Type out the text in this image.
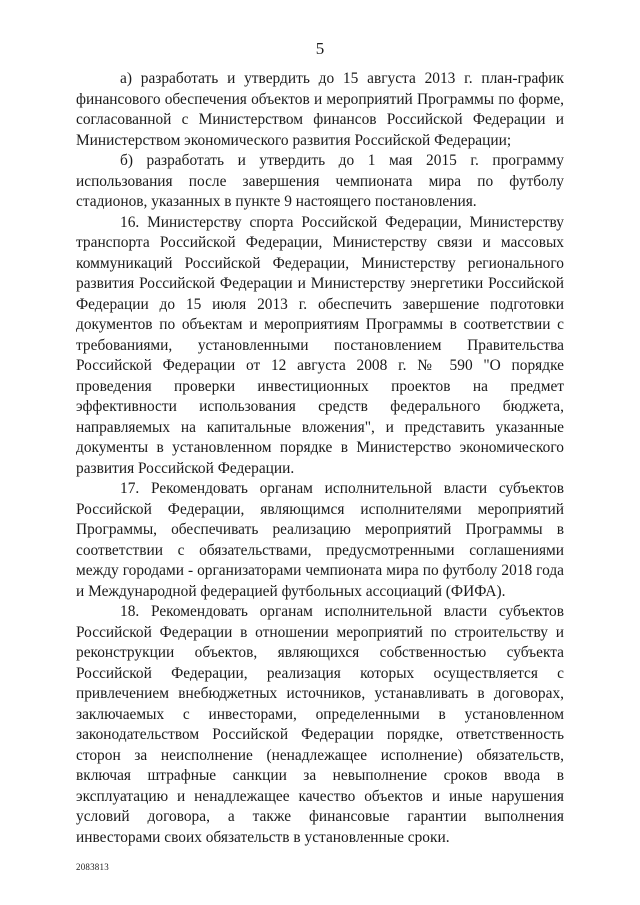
5

а) разработать и утвердить до 15 августа 2013 г. план-график финансового обеспечения объектов и мероприятий Программы по форме, согласованной с Министерством финансов Российской Федерации и Министерством экономического развития Российской Федерации;

б) разработать и утвердить до 1 мая 2015 г. программу использования после завершения чемпионата мира по футболу стадионов, указанных в пункте 9 настоящего постановления.

16. Министерству спорта Российской Федерации, Министерству транспорта Российской Федерации, Министерству связи и массовых коммуникаций Российской Федерации, Министерству регионального развития Российской Федерации и Министерству энергетики Российской Федерации до 15 июля 2013 г. обеспечить завершение подготовки документов по объектам и мероприятиям Программы в соответствии с требованиями, установленными постановлением Правительства Российской Федерации от 12 августа 2008 г. № 590 "О порядке проведения проверки инвестиционных проектов на предмет эффективности использования средств федерального бюджета, направляемых на капитальные вложения", и представить указанные документы в установленном порядке в Министерство экономического развития Российской Федерации.

17. Рекомендовать органам исполнительной власти субъектов Российской Федерации, являющимся исполнителями мероприятий Программы, обеспечивать реализацию мероприятий Программы в соответствии с обязательствами, предусмотренными соглашениями между городами - организаторами чемпионата мира по футболу 2018 года и Международной федерацией футбольных ассоциаций (ФИФА).

18. Рекомендовать органам исполнительной власти субъектов Российской Федерации в отношении мероприятий по строительству и реконструкции объектов, являющихся собственностью субъекта Российской Федерации, реализация которых осуществляется с привлечением внебюджетных источников, устанавливать в договорах, заключаемых с инвесторами, определенными в установленном законодательством Российской Федерации порядке, ответственность сторон за неисполнение (ненадлежащее исполнение) обязательств, включая штрафные санкции за невыполнение сроков ввода в эксплуатацию и ненадлежащее качество объектов и иные нарушения условий договора, а также финансовые гарантии выполнения инвесторами своих обязательств в установленные сроки.

2083813
